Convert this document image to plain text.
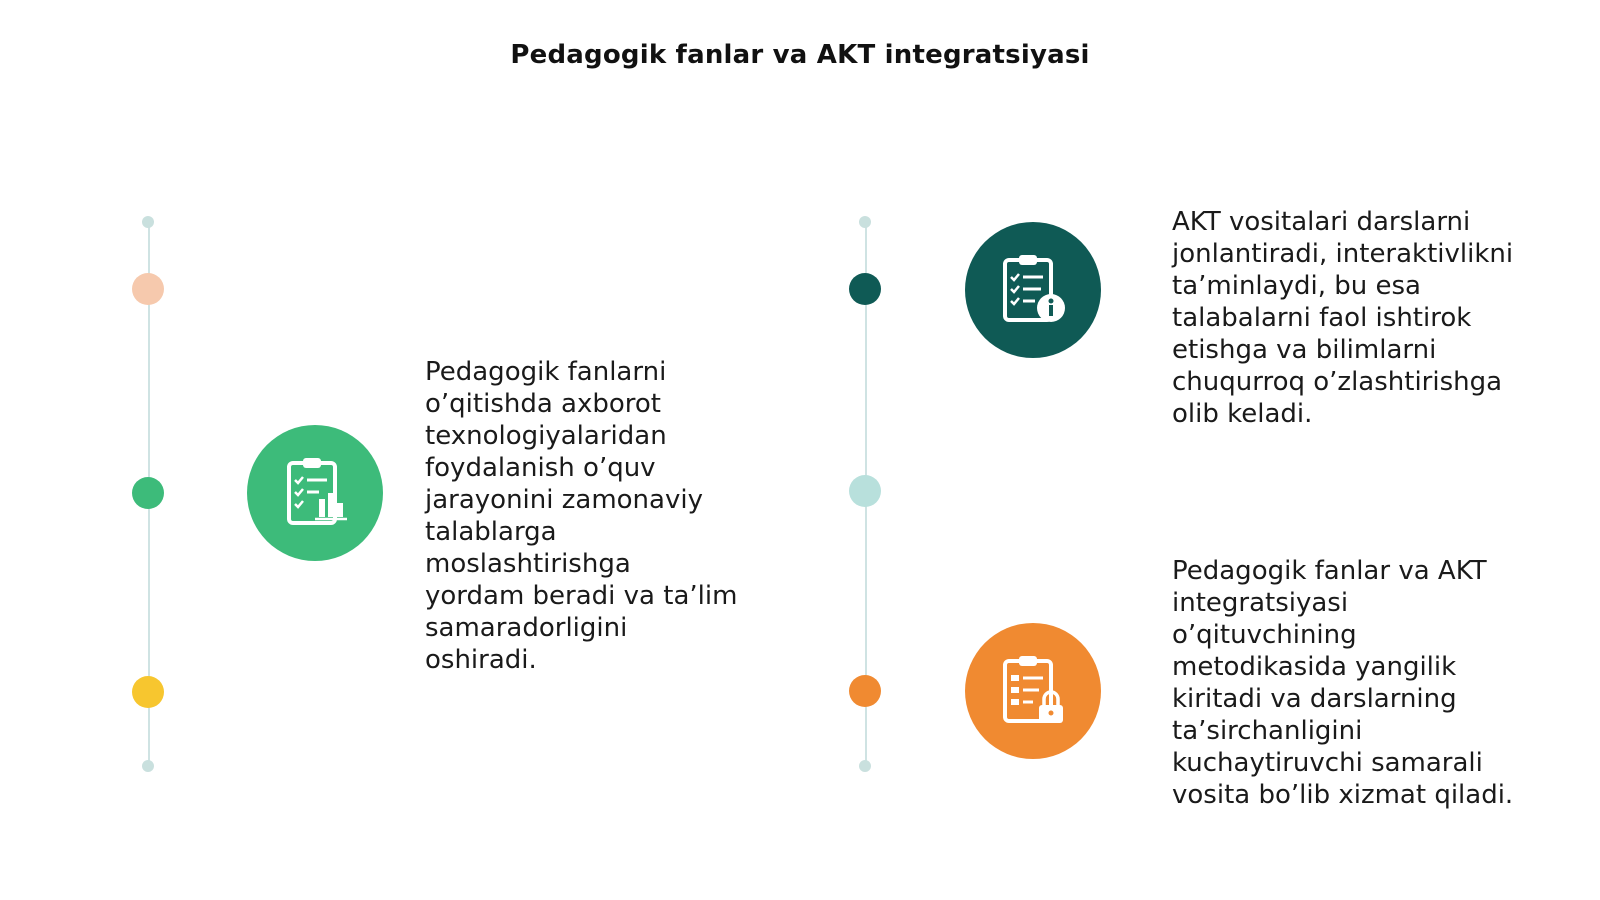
Pedagogik fanlar va AKT integratsiyasi
Pedagogik fanlarni
o’qitishda axborot
texnologiyalaridan
foydalanish o’quv
jarayonini zamonaviy
talablarga
moslashtirishga
yordam beradi va ta’lim
samaradorligini
oshiradi.
AKT vositalari darslarni
jonlantiradi, interaktivlikni
ta’minlaydi, bu esa
talabalarni faol ishtirok
etishga va bilimlarni
chuqurroq o’zlashtirishga
olib keladi.
Pedagogik fanlar va AKT
integratsiyasi
o’qituvchining
metodikasida yangilik
kiritadi va darslarning
ta’sirchanligini
kuchaytiruvchi samarali
vosita bo’lib xizmat qiladi.
